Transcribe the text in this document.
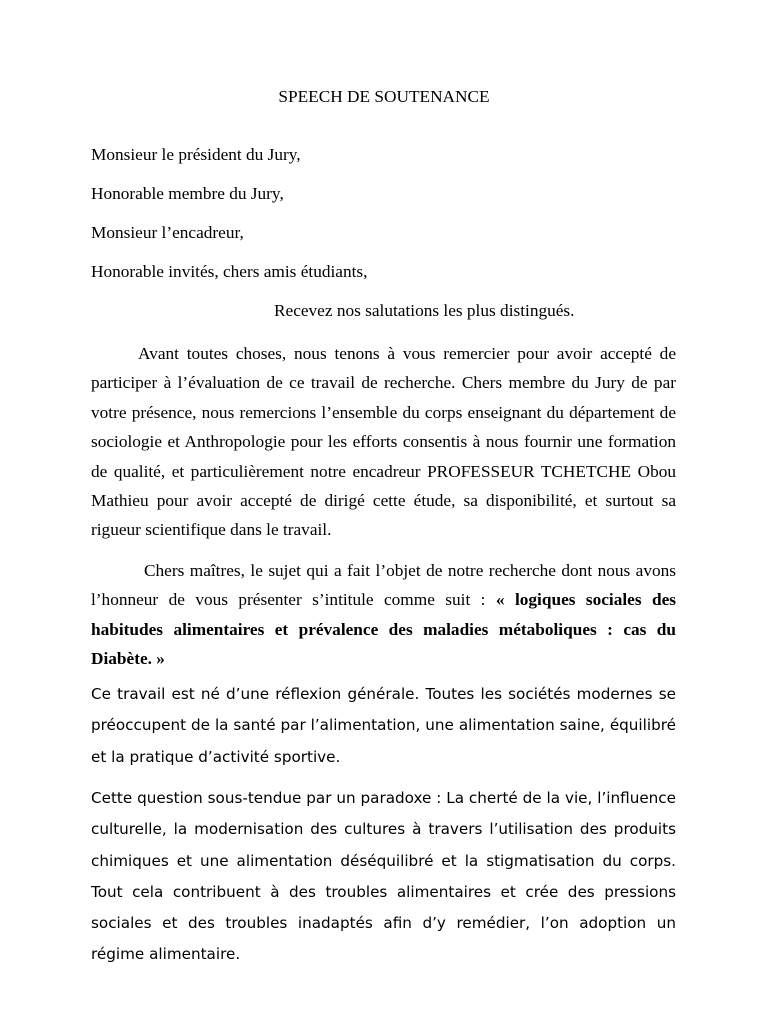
SPEECH DE SOUTENANCE
Monsieur le président du Jury,
Honorable membre du Jury,
Monsieur l’encadreur,
Honorable invités, chers amis étudiants,
Recevez nos salutations les plus distingués.

Avant toutes choses, nous tenons à vous remercier pour avoir accepté de participer à l’évaluation de ce travail de recherche. Chers membre du Jury de par votre présence, nous remercions l’ensemble du corps enseignant du département de sociologie et Anthropologie pour les efforts consentis à nous fournir une formation de qualité, et particulièrement notre encadreur PROFESSEUR TCHETCHE Obou Mathieu pour avoir accepté de dirigé cette étude, sa disponibilité, et surtout sa rigueur scientifique dans le travail.

Chers maîtres, le sujet qui a fait l’objet de notre recherche dont nous avons l’honneur de vous présenter s’intitule comme suit : « logiques sociales des habitudes alimentaires et prévalence des maladies métaboliques : cas du Diabète. »

Ce travail est né d’une réflexion générale. Toutes les sociétés modernes se préoccupent de la santé par l’alimentation, une alimentation saine, équilibré et la pratique d’activité sportive.

Cette question sous-tendue par un paradoxe : La cherté de la vie, l’influence culturelle, la modernisation des cultures à travers l’utilisation des produits chimiques et une alimentation déséquilibré et la stigmatisation du corps. Tout cela contribuent à des troubles alimentaires et crée des pressions sociales et des troubles inadaptés afin d’y remédier, l’on adoption un régime alimentaire.
